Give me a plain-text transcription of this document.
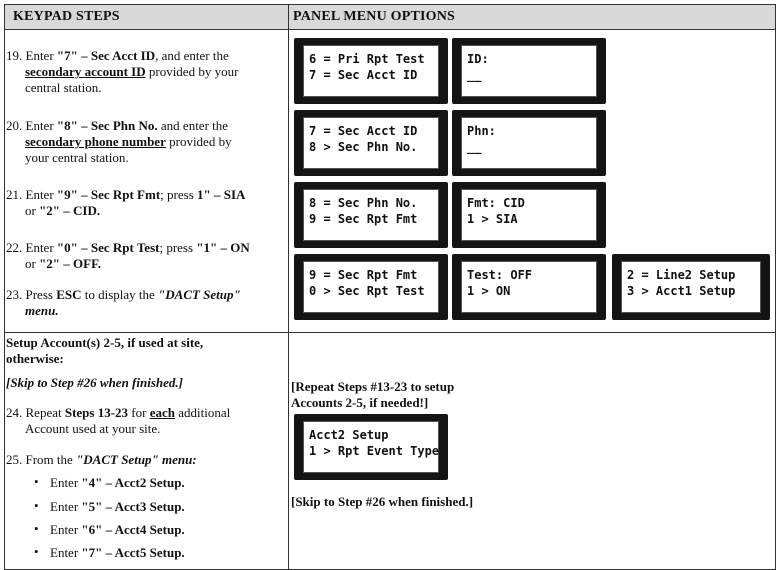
KEYPAD STEPS	PANEL MENU OPTIONS
19. Enter "7" – Sec Acct ID, and enter the
secondary account ID provided by your
central station.
20. Enter "8" – Sec Phn No. and enter the
secondary phone number provided by
your central station.
21. Enter "9" – Sec Rpt Fmt; press 1" – SIA
or "2" – CID.
22. Enter "0" – Sec Rpt Test; press "1" – ON
or "2" – OFF.
23. Press ESC to display the "DACT Setup"
menu.
Setup Account(s) 2-5, if used at site,
otherwise:
[Skip to Step #26 when finished.]
24. Repeat Steps 13-23 for each additional
Account used at your site.
25. From the "DACT Setup" menu:
• Enter "4" – Acct2 Setup.
• Enter "5" – Acct3 Setup.
• Enter "6" – Acct4 Setup.
• Enter "7" – Acct5 Setup.
[Repeat Steps #13-23 to setup
Accounts 2-5, if needed!]
[Skip to Step #26 when finished.]
6 = Pri Rpt Test
7 = Sec Acct ID
ID:
__
7 = Sec Acct ID
8 > Sec Phn No.
Phn:
__
8 = Sec Phn No.
9 = Sec Rpt Fmt
Fmt: CID
1 > SIA
9 = Sec Rpt Fmt
0 > Sec Rpt Test
Test: OFF
1 > ON
2 = Line2 Setup
3 > Acct1 Setup
Acct2 Setup
1 > Rpt Event Type
